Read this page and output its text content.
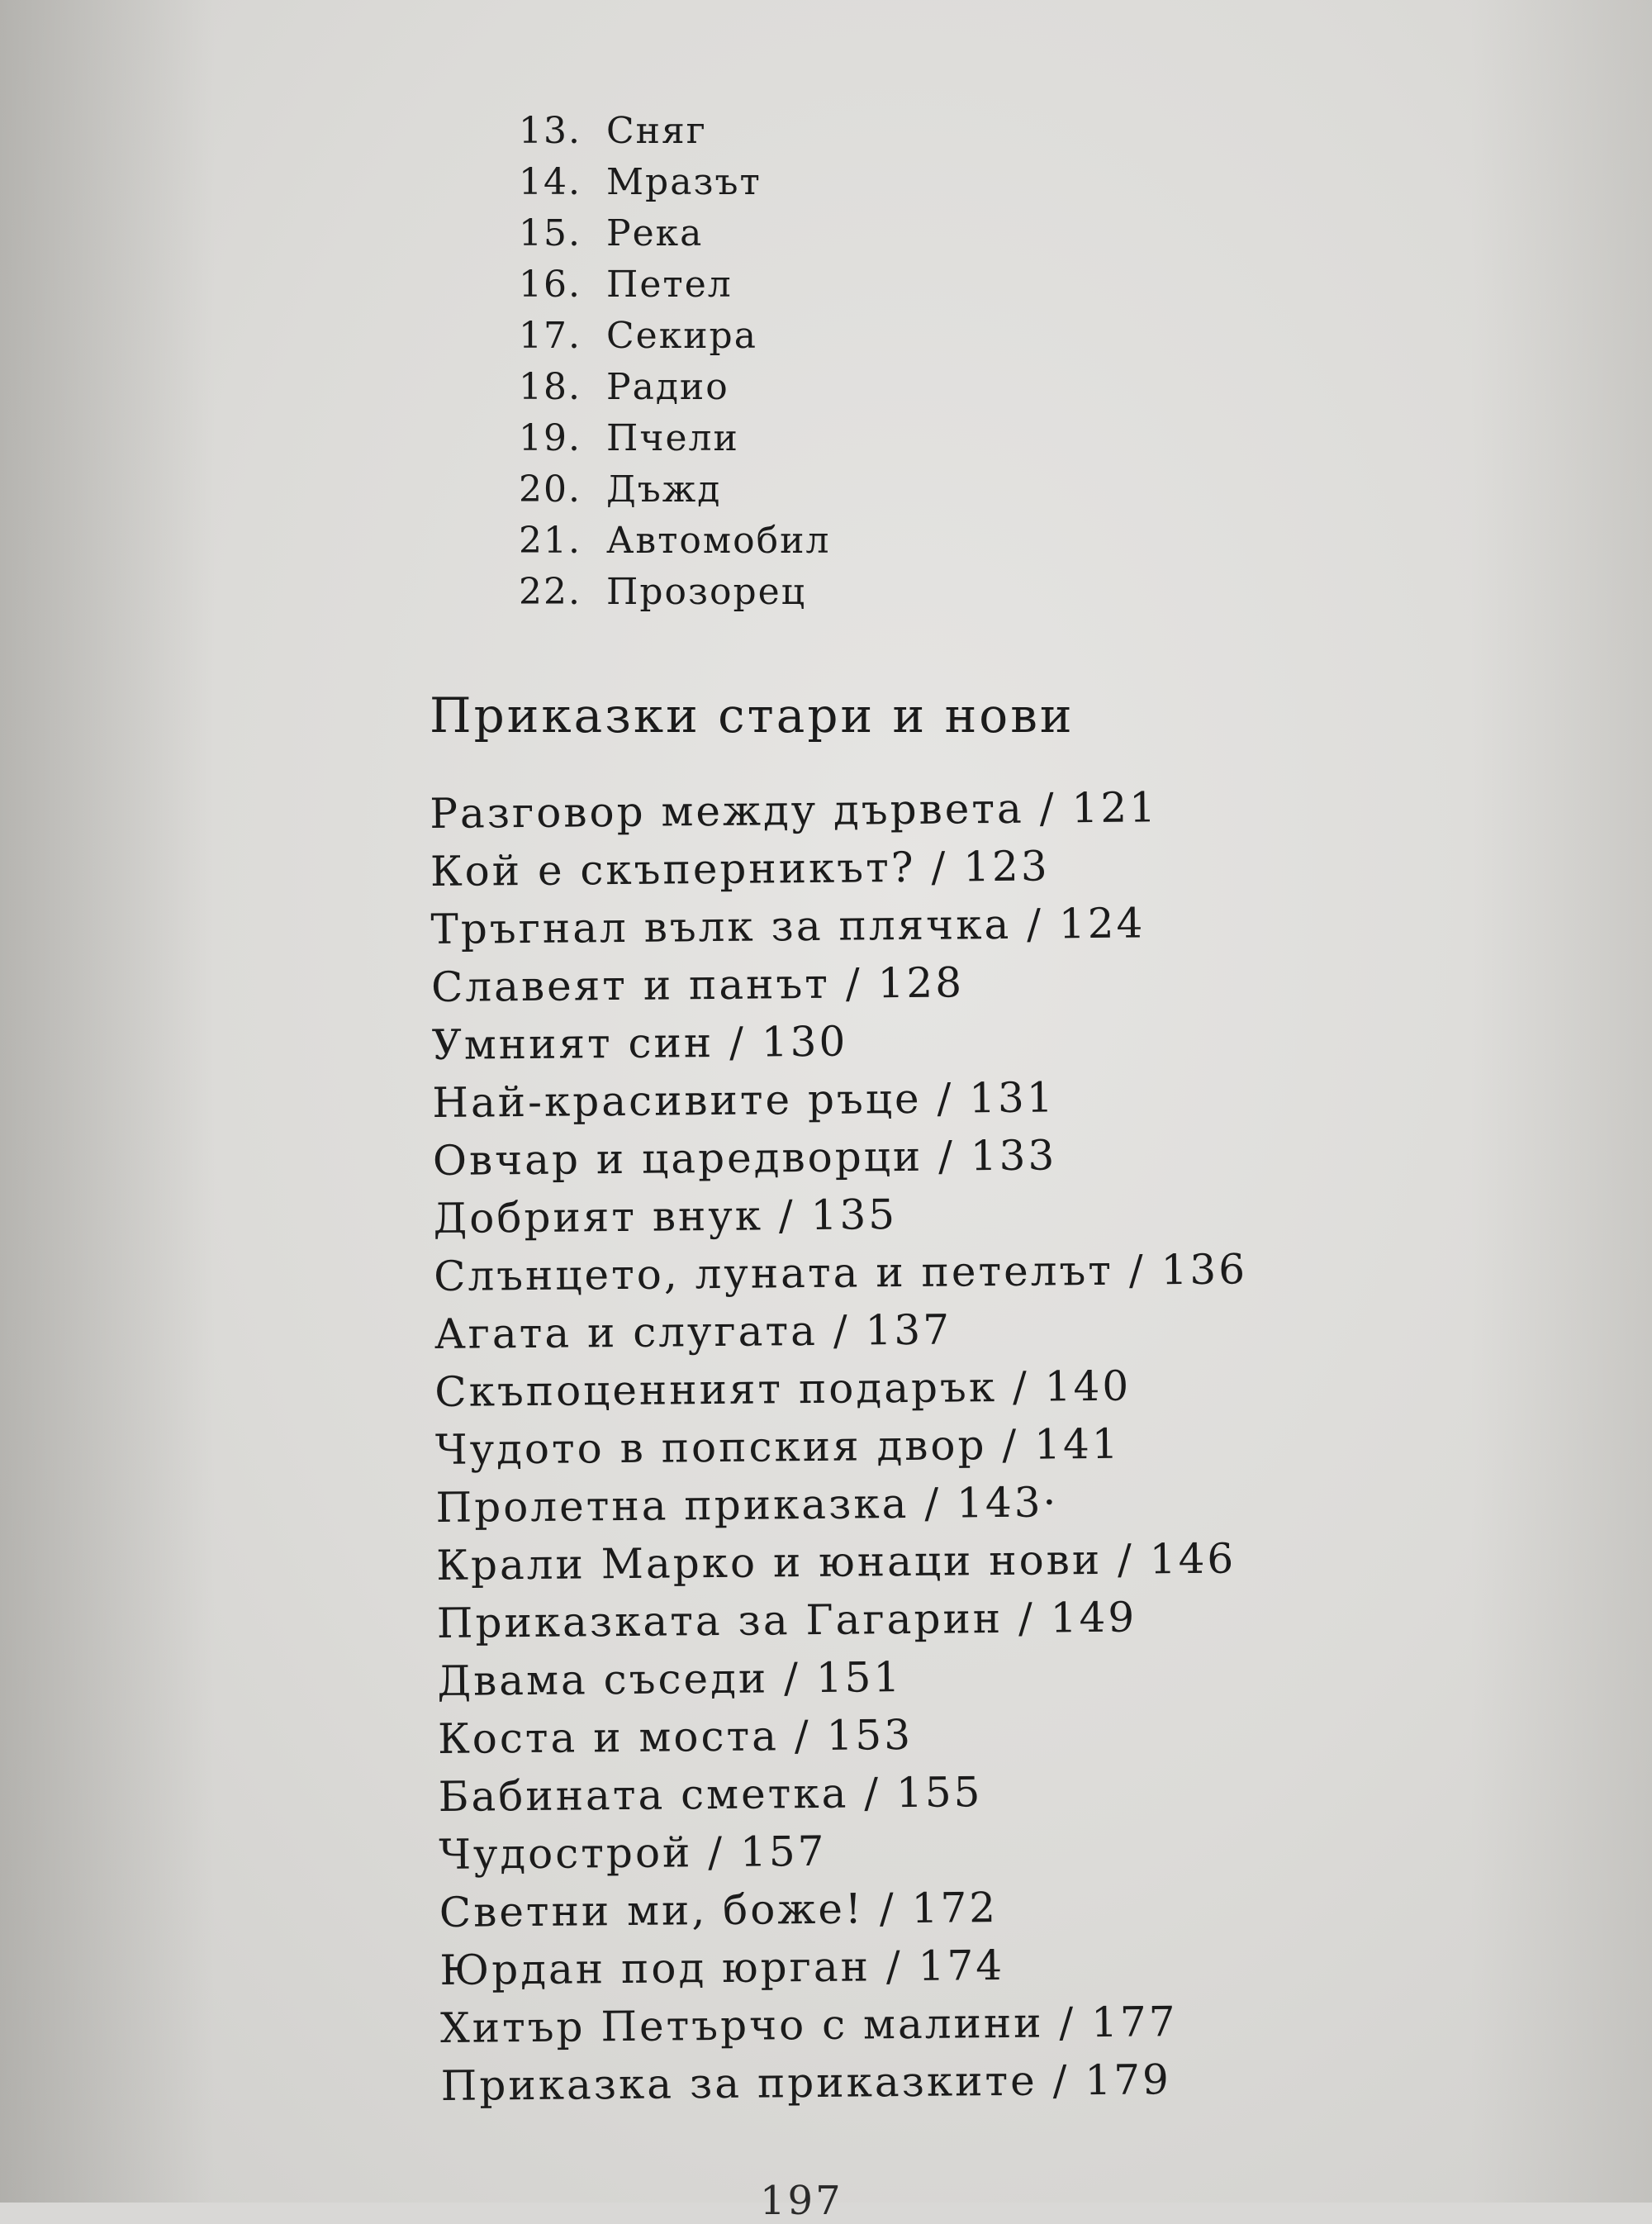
13. Сняг
14. Мразът
15. Река
16. Петел
17. Секира
18. Радио
19. Пчели
20. Дъжд
21. Автомобил
22. Прозорец
Приказки стари и нови
Разговор между дървета / 121
Кой е скъперникът? / 123
Тръгнал вълк за плячка / 124
Славеят и панът / 128
Умният син / 130
Най-красивите ръце / 131
Овчар и царедворци / 133
Добрият внук / 135
Слънцето, луната и петелът / 136
Агата и слугата / 137
Скъпоценният подарък / 140
Чудото в попския двор / 141
Пролетна приказка / 143·
Крали Марко и юнаци нови / 146
Приказката за Гагарин / 149
Двама съседи / 151
Коста и моста / 153
Бабината сметка / 155
Чудострой / 157
Светни ми, боже! / 172
Юрдан под юрган / 174
Хитър Петърчо с малини / 177
Приказка за приказките / 179
197
